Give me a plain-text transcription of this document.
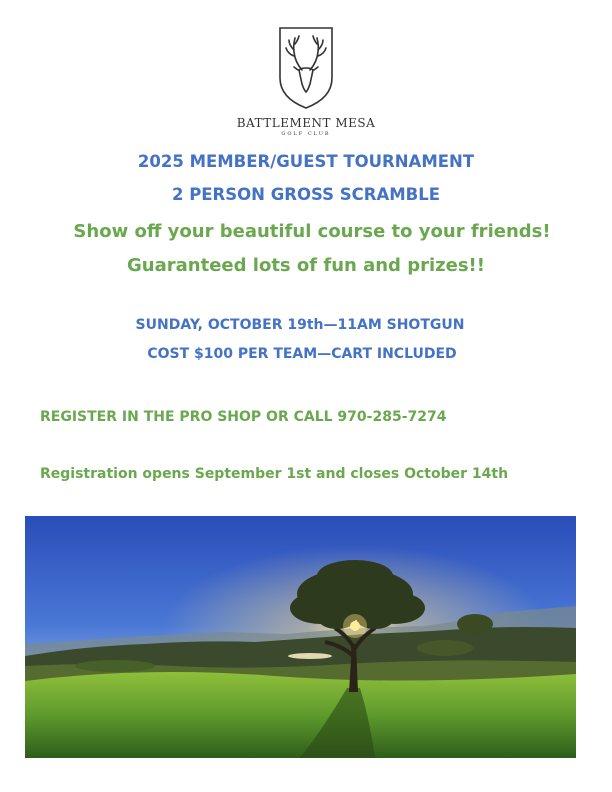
BATTLEMENT MESA
GOLF CLUB
2025 MEMBER/GUEST TOURNAMENT
2 PERSON GROSS SCRAMBLE
Show off your beautiful course to your friends!
Guaranteed lots of fun and prizes!!
SUNDAY, OCTOBER 19th—11AM SHOTGUN
COST $100 PER TEAM—CART INCLUDED
REGISTER IN THE PRO SHOP OR CALL 970-285-7274
Registration opens September 1st and closes October 14th
